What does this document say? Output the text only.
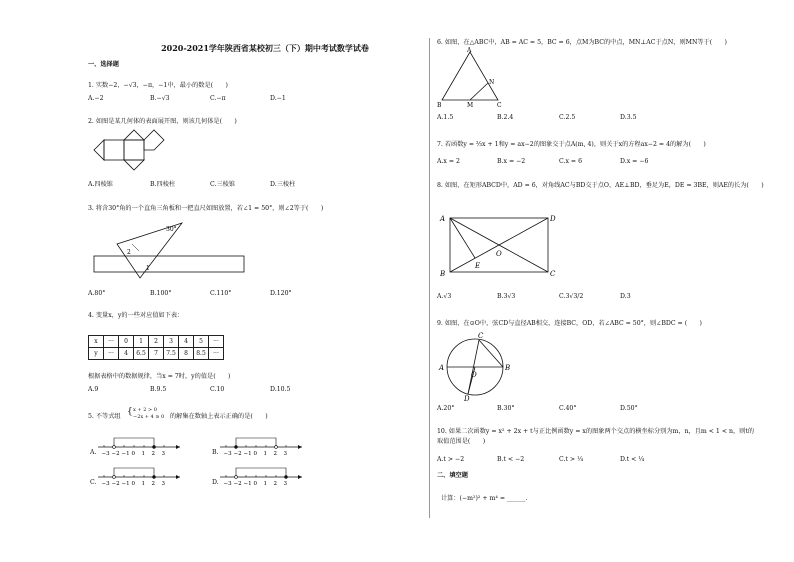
2020-2021学年陕西省某校初三（下）期中考试数学试卷
一、选择题
1. 实数−2，−√3，−π，−1中，最小的数是(　　)
A.−2	B.−√3	C.−π	D.−1
2. 如图是某几何体的表面展开图，则该几何体是(　　)
A.四棱锥	B.四棱柱	C.三棱锥	D.三棱柱
3. 将含30°角的一个直角三角板和一把直尺如图放置，若∠1 = 50°，则∠2等于(　　)
30°
2
1
A.80°	B.100°	C.110°	D.120°
4. 变量x，y的一些对应值如下表：
x	···	0	1	2	3	4	5	···
y	···	4	6.5	7	7.5	8	8.5	···
根据表格中的数据规律，当x = 7时，y的值是(　　)
A.9	B.9.5	C.10	D.10.5
5. 不等式组 { x + 2 > 0
−2x + 4 ≥ 0 的解集在数轴上表示正确的是(　　)
A.	B.
C.	D.
−3 −2 −1 0 1 2 3	−3 −2 −1 0 1 2 3
−3 −2 −1 0 1 2 3	−3 −2 −1 0 1 2 3
6. 如图，在△ABC中，AB = AC = 5，BC = 6，点M为BC的中点，MN⊥AC于点N，则MN等于(　　)
A
B	C
M
N
A.1.5	B.2.4	C.2.5	D.3.5
7. 若函数y = ⅔x + 1和y = ax−2的图象交于点A(m, 4)，则关于x的方程ax−2 = 4的解为(　　)
A.x = 2	B.x = −2	C.x = 6	D.x = −6
8. 如图，在矩形ABCD中，AD = 6，对角线AC与BD交于点O，AE⊥BD，垂足为E，DE = 3BE，则AE的长为(　　)
A
B	C
D
E
O
A.√3	B.3√3	C.3√3/2	D.3
9. 如图，在⊙O中，弦CD与直径AB相交，连接BC，OD，若∠ABC = 50°，则∠BDC = (　　)
A	B
C
D
O
A.20°	B.30°	C.40°	D.50°
10. 如果二次函数y = x² + 2x + t与正比例函数y = x的图象两个交点的横坐标分别为m，n，且m < 1 < n，则t的
取值范围是(　　)
A.t > −2	B.t < −2	C.t > ¼	D.t < ¼
二、填空题
计算：(−m²)² + m⁴ = ______.
